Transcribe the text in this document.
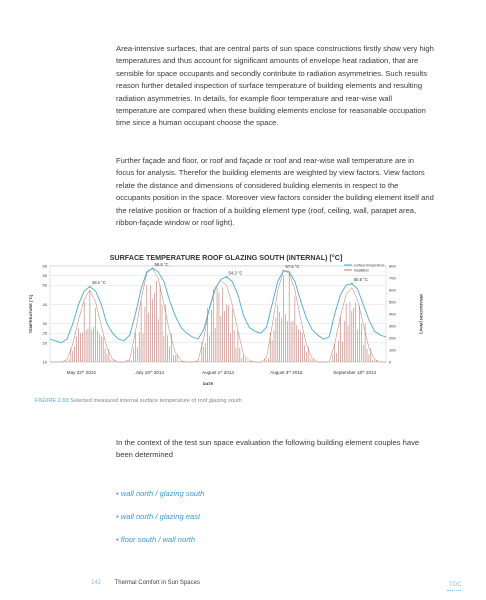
Area-intensive surfaces, that are central parts of sun space constructions firstly show very high temperatures and thus account for significant amounts of envelope heat radiation, that are sensible for space occupants and secondly contribute to radiation asymmetries. Such results reason further detailed inspection of surface temperature of building elements and resulting radiation asymmetries. In details, for example floor temperature and rear-wise wall temperature are compared when these building elements enclose for reasonable occupation time since a human occupant choose the space.

Further façade and floor, or roof and façade or roof and rear-wise wall temperature are in focus for analysis. Therefor the building elements are weighted by view factors. View factors relate the distance and dimensions of considered building elements in respect to the occupants position in the space. Moreover view factors consider the building element itself and the relative position or fraction of a building element type (roof, ceiling, wall, parapet area, ribbon-façade window or roof light).

SURFACE TEMPERATURE ROOF GLAZING SOUTH (INTERNAL) [°C]
TEMPERATURE [°C]	IRRADIATION [W/m²]
DATE
surface temperature
irradiation
10
20
25
30
40
50
55
60
0
100
200
300
400
500
600
700
800
May 22th 2014	July 15th 2014	August 1st 2014	August 3rd 2015	September 18th 2014
49.2 °C
58.8 °C
54.3 °C
57.6 °C
50.8 °C
FIGURE 2.63 Selected measured internal surface temperature of roof glazing south

In the context of the test sun space evaluation the following building element couples have been determined

• wall north / glazing south
• wall north / glazing east
• floor south / wall north
142 Thermal Comfort in Sun Spaces	TOC
